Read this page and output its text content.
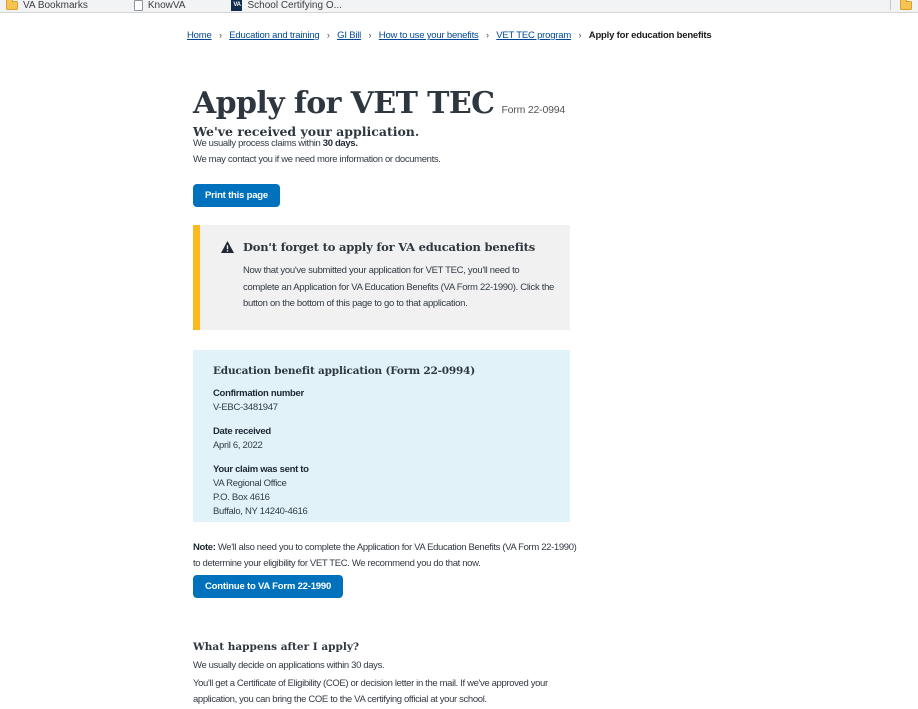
VA Bookmarks	KnowVA	VA School Certifying O...
Home › Education and training › GI Bill › How to use your benefits › VET TEC program › Apply for education benefits
Apply for VET TEC Form 22-0994
We've received your application.
We usually process claims within 30 days.
We may contact you if we need more information or documents.
Print this page
Don't forget to apply for VA education benefits
Now that you've submitted your application for VET TEC, you'll need to complete an Application for VA Education Benefits (VA Form 22-1990). Click the button on the bottom of this page to go to that application.
Education benefit application (Form 22-0994)
Confirmation number
V-EBC-3481947
Date received
April 6, 2022
Your claim was sent to
VA Regional Office
P.O. Box 4616
Buffalo, NY 14240-4616

Note: We'll also need you to complete the Application for VA Education Benefits (VA Form 22-1990) to determine your eligibility for VET TEC. We recommend you do that now.

Continue to VA Form 22-1990
What happens after I apply?

We usually decide on applications within 30 days.

You'll get a Certificate of Eligibility (COE) or decision letter in the mail. If we've approved your application, you can bring the COE to the VA certifying official at your school.
